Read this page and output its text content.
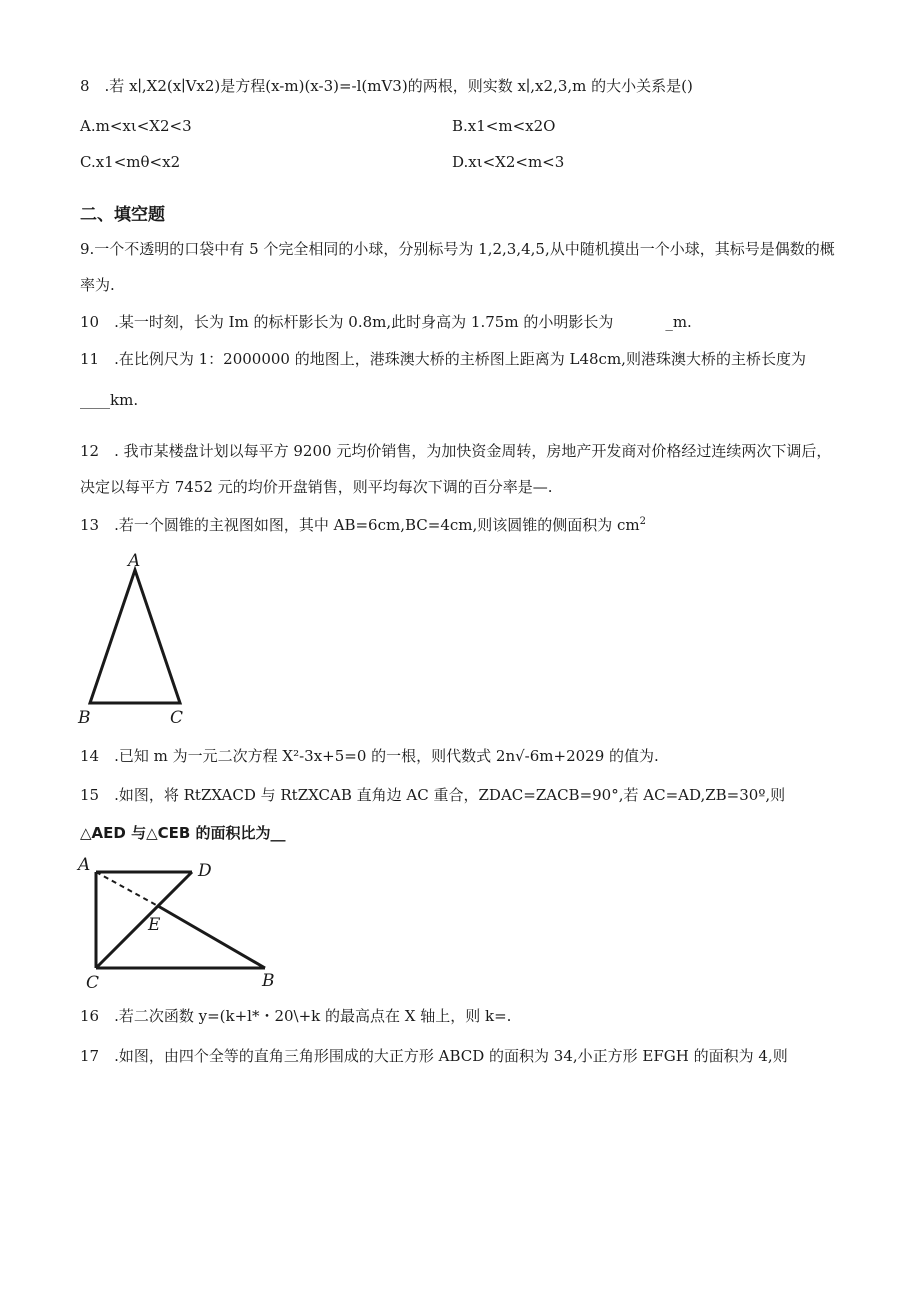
8　.若 x∣,X2(x∣Vx2)是方程(x-m)(x-3)=-l(mV3)的两根，则实数 x∣,x2,3,m 的大小关系是()
A.m<xι<X2<3	B.x1<m<x2O
C.x1<mθ<x2	D.xι<X2<m<3
二、填空题
9.一个不透明的口袋中有 5 个完全相同的小球，分别标号为 1,2,3,4,5,从中随机摸出一个小球，其标号是偶数的概
率为.
10　.某一时刻，长为 Im 的标杆影长为 0.8m,此时身高为 1.75m 的小明影长为	_m.
11　.在比例尺为 1：2000000 的地图上，港珠澳大桥的主桥图上距离为 L48cm,则港珠澳大桥的主桥长度为
____km.
12　. 我市某楼盘计划以每平方 9200 元均价销售，为加快资金周转，房地产开发商对价格经过连续两次下调后，
决定以每平方 7452 元的均价开盘销售，则平均每次下调的百分率是—.
13　.若一个圆锥的主视图如图，其中 AB=6cm,BC=4cm,则该圆锥的侧面积为 $cm^2$
A
B	C
14　.已知 m 为一元二次方程 X²-3x+5=0 的一根，则代数式 2n√-6m+2029 的值为.
15　.如图，将 RtZXACD 与 RtZXCAB 直角边 AC 重合，ZDAC=ZACB=90°,若 AC=AD,ZB=30º,则
△AED 与△CEB 的面积比为__
A	D
E
C	B
16　.若二次函数 y=(k+l*・20\+k 的最高点在 X 轴上，则 k=.
17　.如图，由四个全等的直角三角形围成的大正方形 ABCD 的面积为 34,小正方形 EFGH 的面积为 4,则
